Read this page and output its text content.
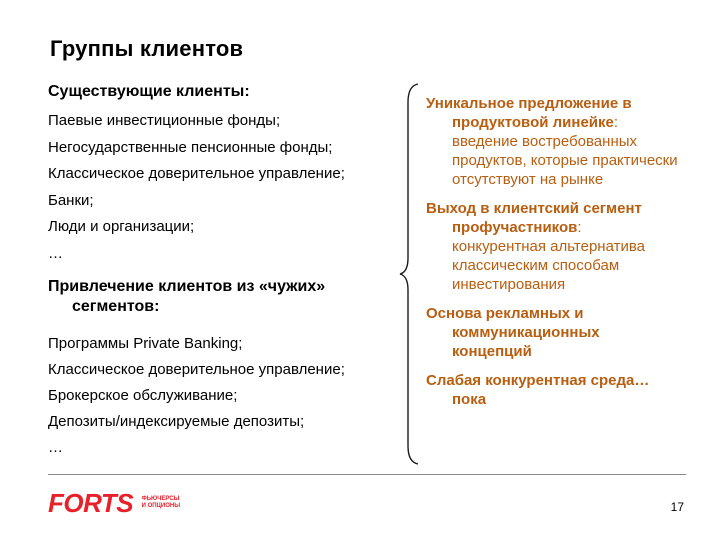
Группы клиентов

Существующие клиенты:

Паевые инвестиционные фонды;
Негосударственные пенсионные фонды;
Классическое доверительное управление;
Банки;
Люди и организации;
…

Привлечение клиентов из «чужих»
сегментов:

Программы Private Banking;
Классическое доверительное управление;
Брокерское обслуживание;
Депозиты/индексируемые депозиты;
…
Уникальное предложение в
продуктовой линейке:
введение востребованных
продуктов, которые практически
отсутствуют на рынке
Выход в клиентский сегмент
профучастников:
конкурентная альтернатива
классическим способам
инвестирования
Основа рекламных и
коммуникационных
концепций
Слабая конкурентная среда…
пока
FORTS ФЬЮЧЕРСЫ
И ОПЦИОНЫ	17
